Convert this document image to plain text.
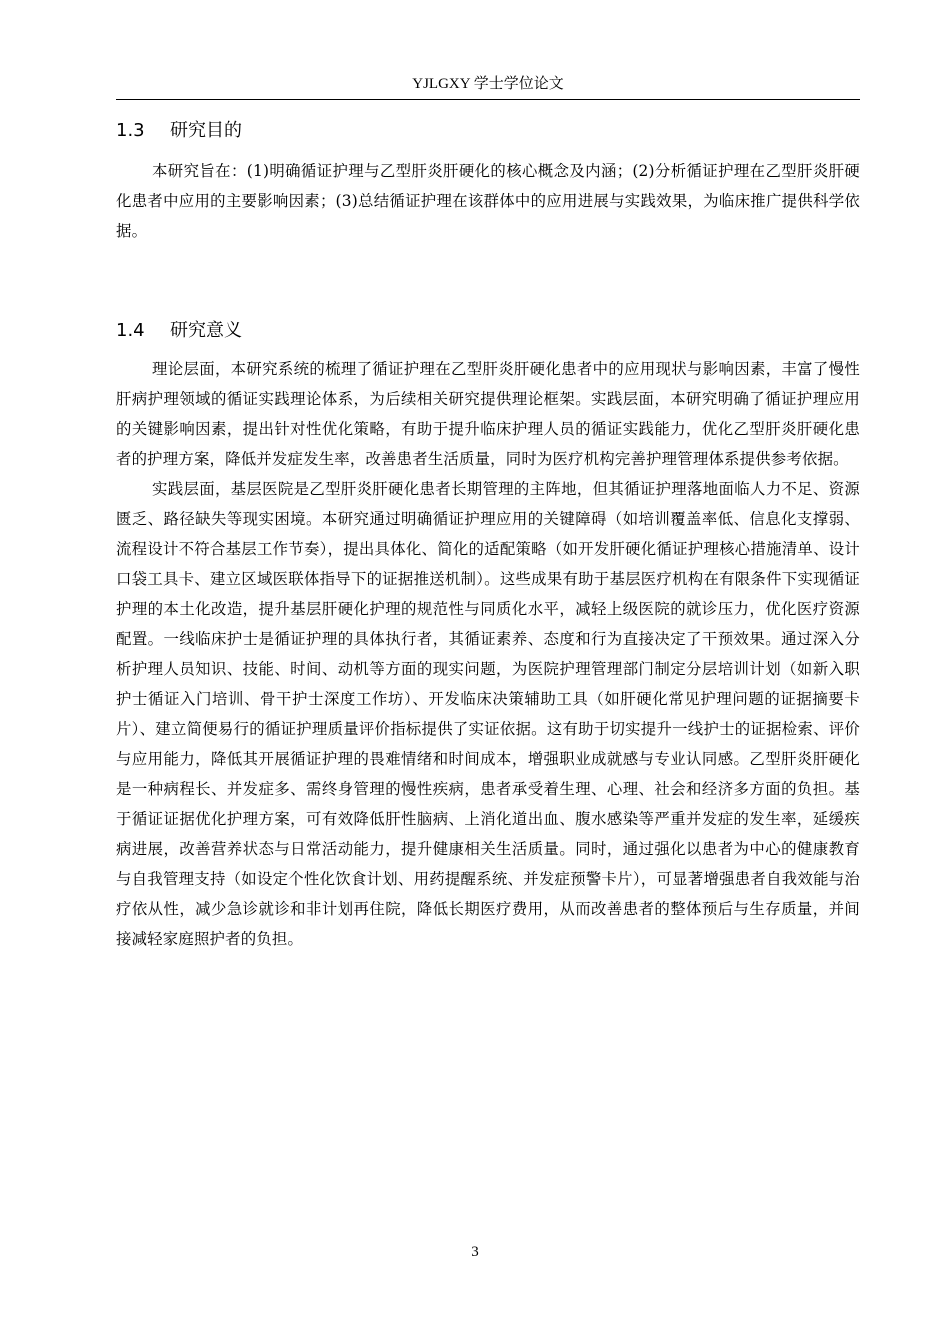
YJLGXY 学士学位论文
1.3 研究目的

本研究旨在：(1)明确循证护理与乙型肝炎肝硬化的核心概念及内涵；(2)分析循证护理在乙型肝炎肝硬化患者中应用的主要影响因素；(3)总结循证护理在该群体中的应用进展与实践效果，为临床推广提供科学依据。

1.4 研究意义

理论层面，本研究系统的梳理了循证护理在乙型肝炎肝硬化患者中的应用现状与影响因素，丰富了慢性肝病护理领域的循证实践理论体系，为后续相关研究提供理论框架。实践层面，本研究明确了循证护理应用的关键影响因素，提出针对性优化策略，有助于提升临床护理人员的循证实践能力，优化乙型肝炎肝硬化患者的护理方案，降低并发症发生率，改善患者生活质量，同时为医疗机构完善护理管理体系提供参考依据。

实践层面，基层医院是乙型肝炎肝硬化患者长期管理的主阵地，但其循证护理落地面临人力不足、资源匮乏、路径缺失等现实困境。本研究通过明确循证护理应用的关键障碍（如培训覆盖率低、信息化支撑弱、流程设计不符合基层工作节奏），提出具体化、简化的适配策略（如开发肝硬化循证护理核心措施清单、设计口袋工具卡、建立区域医联体指导下的证据推送机制）。这些成果有助于基层医疗机构在有限条件下实现循证护理的本土化改造，提升基层肝硬化护理的规范性与同质化水平，减轻上级医院的就诊压力，优化医疗资源配置。一线临床护士是循证护理的具体执行者，其循证素养、态度和行为直接决定了干预效果。通过深入分析护理人员知识、技能、时间、动机等方面的现实问题，为医院护理管理部门制定分层培训计划（如新入职护士循证入门培训、骨干护士深度工作坊）、开发临床决策辅助工具（如肝硬化常见护理问题的证据摘要卡片）、建立简便易行的循证护理质量评价指标提供了实证依据。这有助于切实提升一线护士的证据检索、评价与应用能力，降低其开展循证护理的畏难情绪和时间成本，增强职业成就感与专业认同感。乙型肝炎肝硬化是一种病程长、并发症多、需终身管理的慢性疾病，患者承受着生理、心理、社会和经济多方面的负担。基于循证证据优化护理方案，可有效降低肝性脑病、上消化道出血、腹水感染等严重并发症的发生率，延缓疾病进展，改善营养状态与日常活动能力，提升健康相关生活质量。同时，通过强化以患者为中心的健康教育与自我管理支持（如设定个性化饮食计划、用药提醒系统、并发症预警卡片），可显著增强患者自我效能与治疗依从性，减少急诊就诊和非计划再住院，降低长期医疗费用，从而改善患者的整体预后与生存质量，并间接减轻家庭照护者的负担。

3
